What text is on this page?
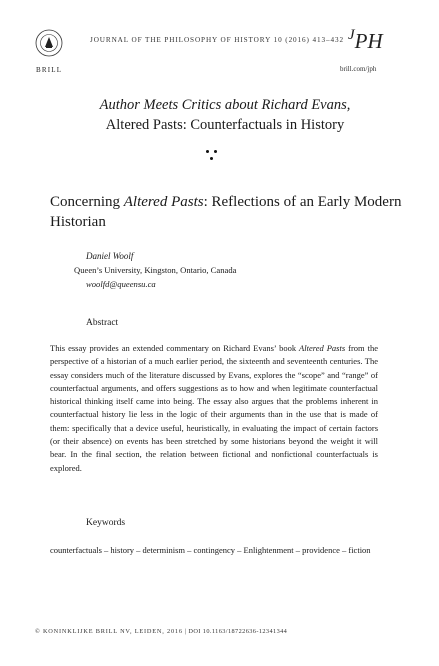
BRILL
JOURNAL OF THE PHILOSOPHY OF HISTORY 10 (2016) 413–432 $^J$PH
brill.com/jph
Author Meets Critics about Richard Evans,
Altered Pasts: Counterfactuals in History
Concerning Altered Pasts: Reflections of an Early Modern Historian
Daniel Woolf
Queen’s University, Kingston, Ontario, Canada
woolfd@queensu.ca
Abstract
This essay provides an extended commentary on Richard Evans’ book Altered Pasts from the perspective of a historian of a much earlier period, the sixteenth and seventeenth centuries. The essay considers much of the literature discussed by Evans, explores the “scope” and “range” of counterfactual arguments, and offers suggestions as to how and when legitimate counterfactual historical thinking itself came into being. The essay also argues that the problems inherent in counterfactual history lie less in the logic of their arguments than in the use that is made of them: specifically that a device useful, heuristically, in evaluating the impact of certain factors (or their absence) on events has been stretched by some historians beyond the weight it will bear. In the final section, the relation between fictional and nonfictional counterfactuals is explored.
Keywords
counterfactuals – history – determinism – contingency – Enlightenment – providence – fiction
© KONINKLIJKE BRILL NV, LEIDEN, 2016 | DOI 10.1163/18722636-12341344
